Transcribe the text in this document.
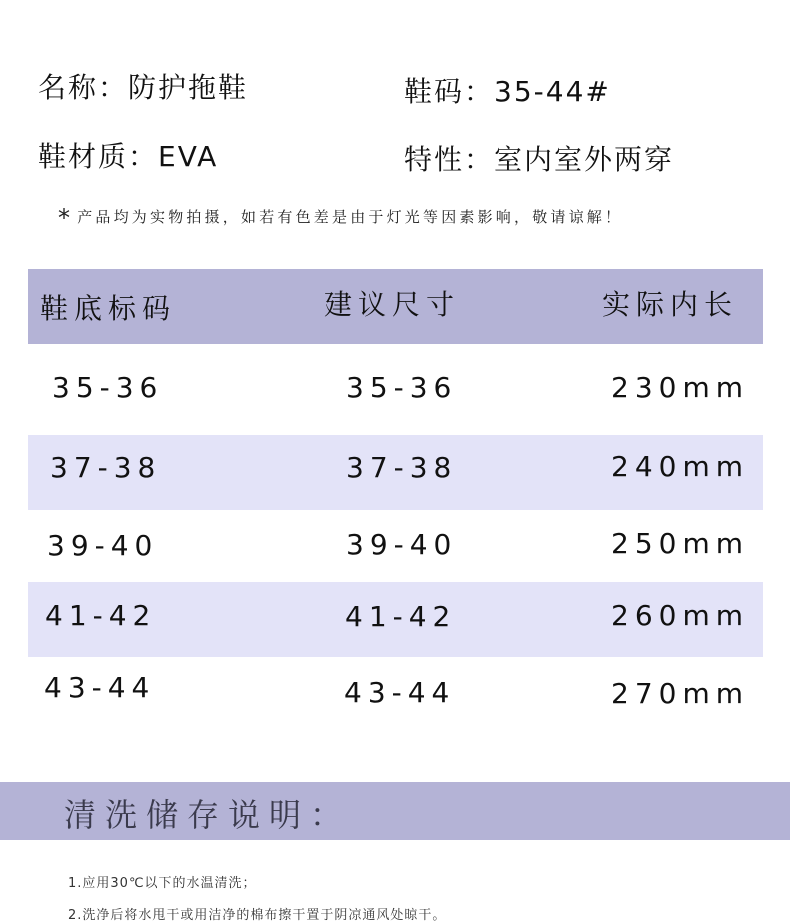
名称：防护拖鞋	鞋码：35-44#
鞋材质：EVA	特性：室内室外两穿
* 产品均为实物拍摄，如若有色差是由于灯光等因素影响，敬请谅解！
鞋底标码	建议尺寸	实际内长
35-36	35-36	230mm
37-38	37-38	240mm
39-40	39-40	250mm
41-42	41-42	260mm
43-44	43-44	270mm
清洗储存说明：
1.应用30℃以下的水温清洗；
2.洗净后将水甩干或用洁净的棉布擦干置于阴凉通风处晾干。
